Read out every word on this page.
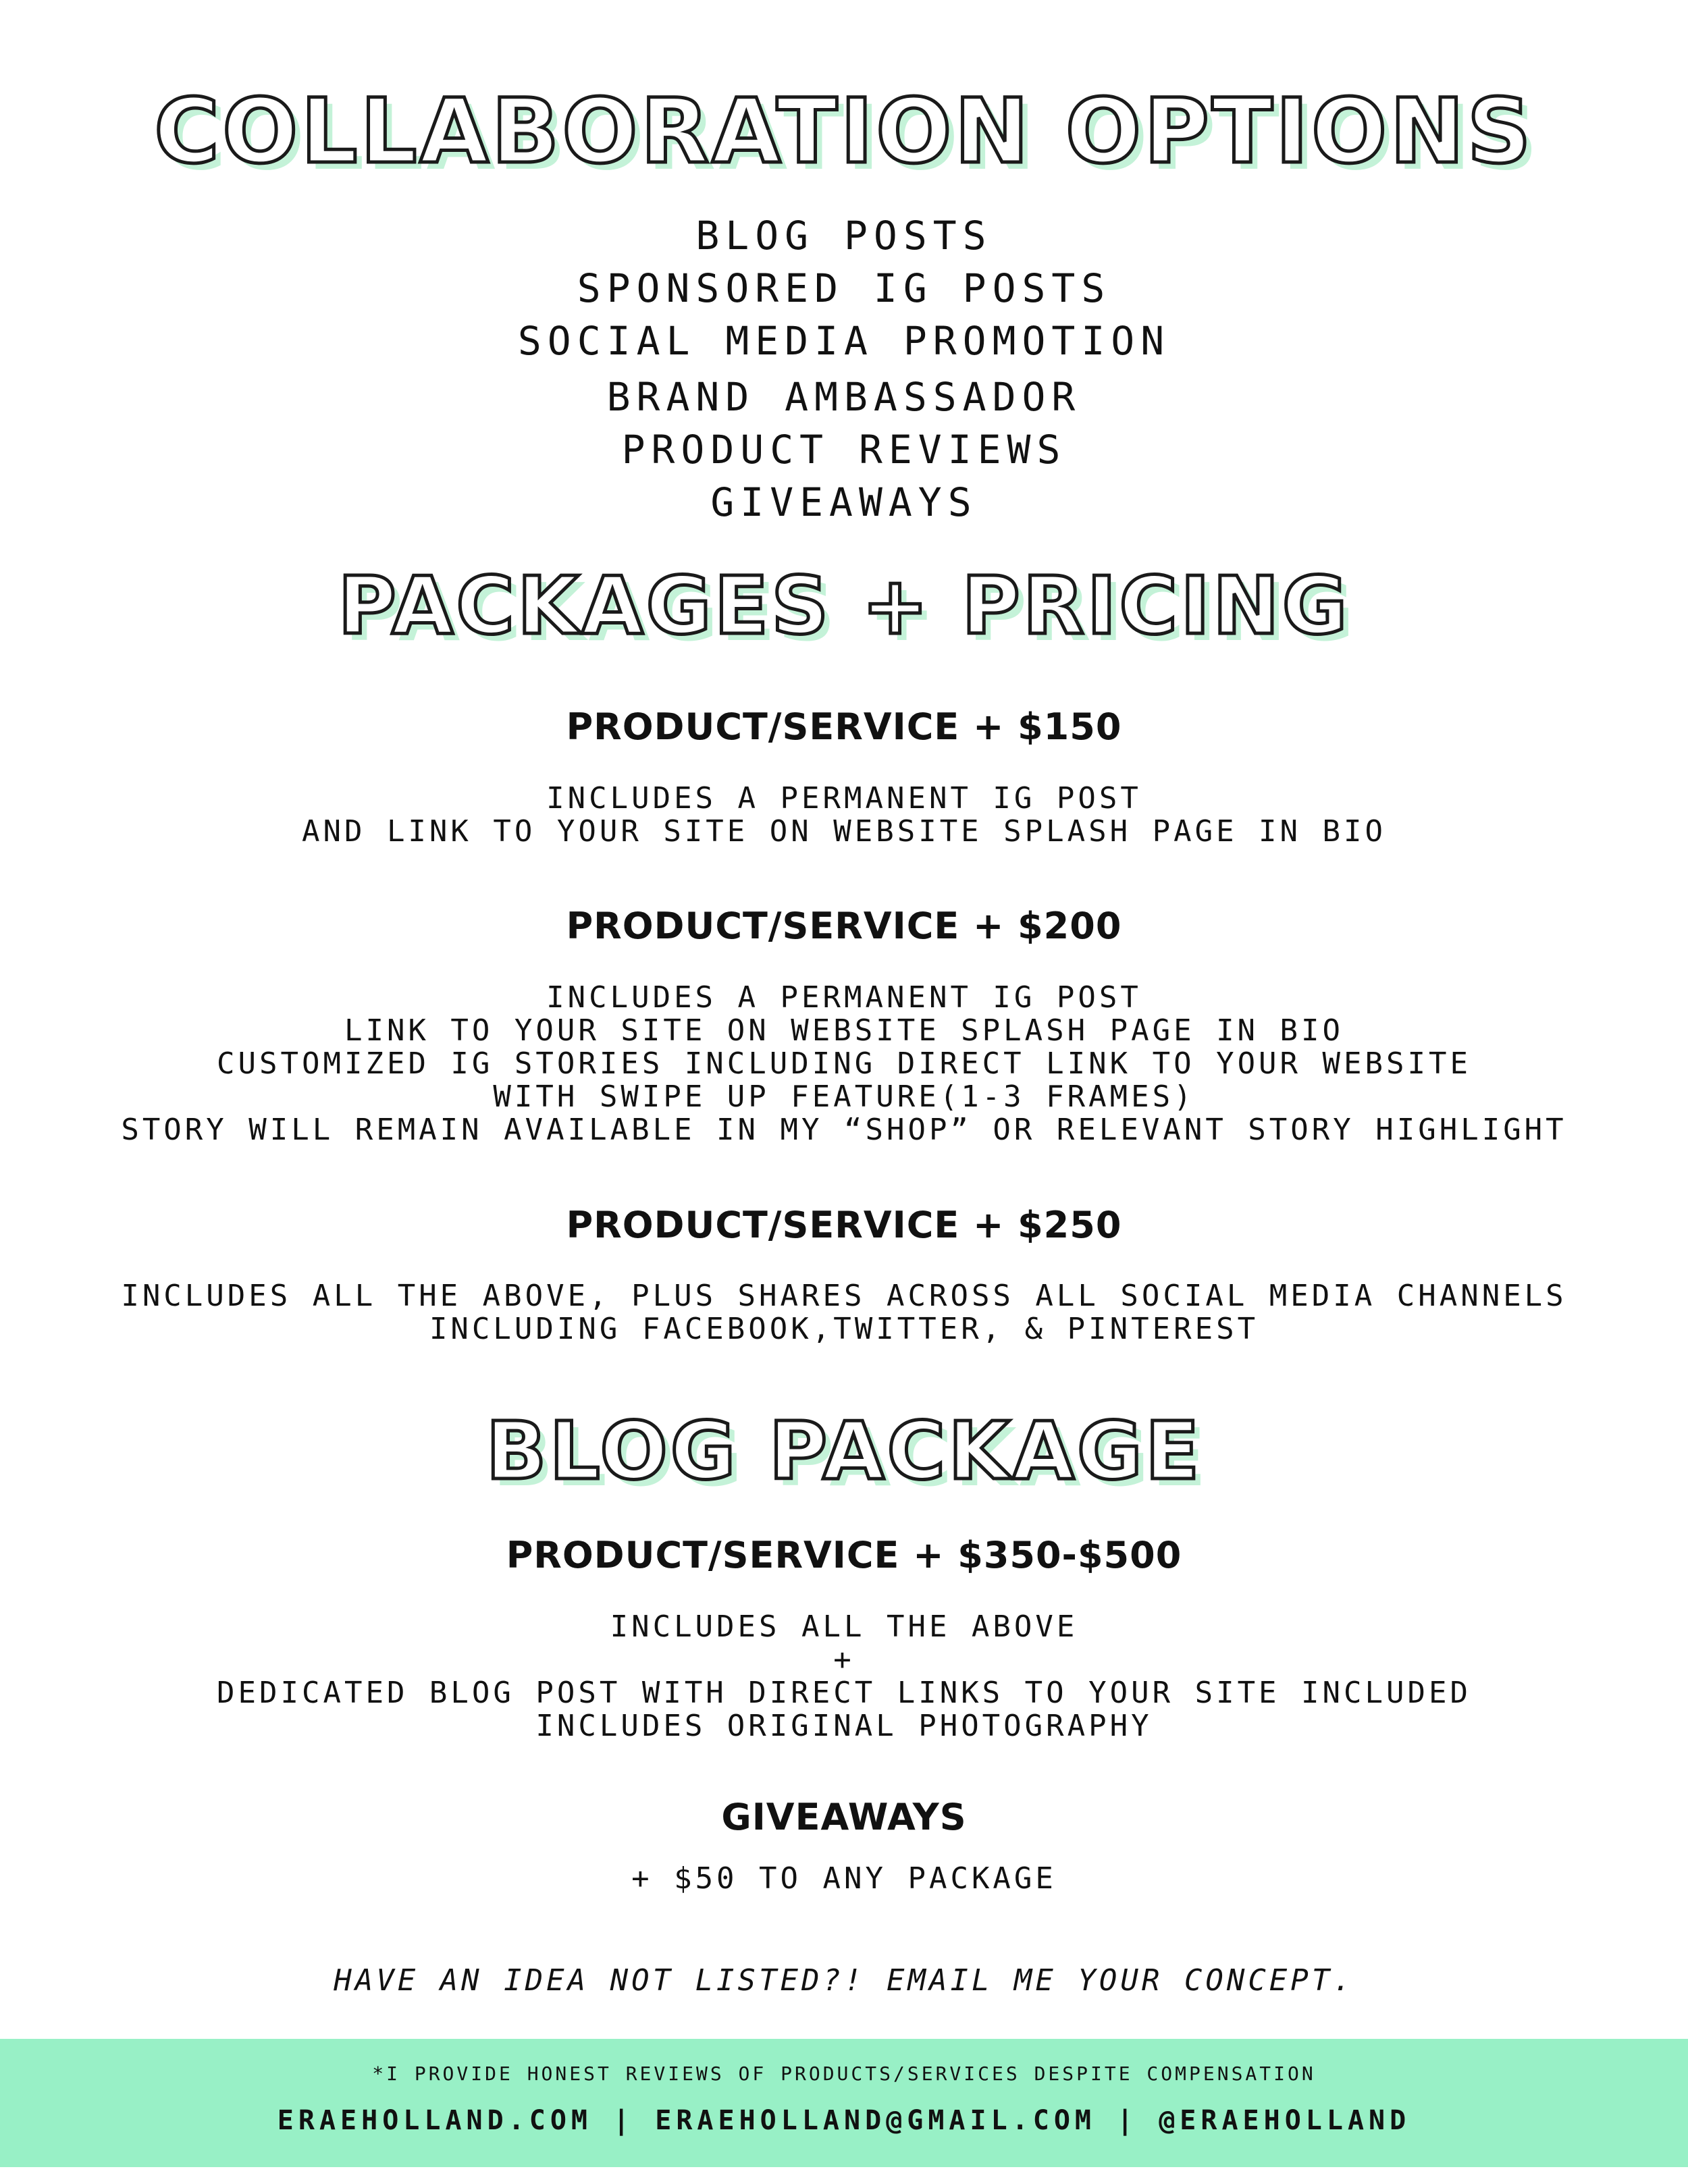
COLLABORATION OPTIONS
BLOG POSTS
SPONSORED IG POSTS
SOCIAL MEDIA PROMOTION
BRAND AMBASSADOR
PRODUCT REVIEWS
GIVEAWAYS
PACKAGES + PRICING
PRODUCT/SERVICE + $150
INCLUDES A PERMANENT IG POST
AND LINK TO YOUR SITE ON WEBSITE SPLASH PAGE IN BIO
PRODUCT/SERVICE + $200
INCLUDES A PERMANENT IG POST
LINK TO YOUR SITE ON WEBSITE SPLASH PAGE IN BIO
CUSTOMIZED IG STORIES INCLUDING DIRECT LINK TO YOUR WEBSITE
WITH SWIPE UP FEATURE(1-3 FRAMES)
STORY WILL REMAIN AVAILABLE IN MY “SHOP” OR RELEVANT STORY HIGHLIGHT
PRODUCT/SERVICE + $250
INCLUDES ALL THE ABOVE, PLUS SHARES ACROSS ALL SOCIAL MEDIA CHANNELS
INCLUDING FACEBOOK,TWITTER, & PINTEREST
BLOG PACKAGE
PRODUCT/SERVICE + $350-$500
INCLUDES ALL THE ABOVE
+
DEDICATED BLOG POST WITH DIRECT LINKS TO YOUR SITE INCLUDED
INCLUDES ORIGINAL PHOTOGRAPHY
GIVEAWAYS
+ $50 TO ANY PACKAGE
HAVE AN IDEA NOT LISTED?! EMAIL ME YOUR CONCEPT.
*I PROVIDE HONEST REVIEWS OF PRODUCTS/SERVICES DESPITE COMPENSATION
ERAEHOLLAND.COM | ERAEHOLLAND@GMAIL.COM | @ERAEHOLLAND
